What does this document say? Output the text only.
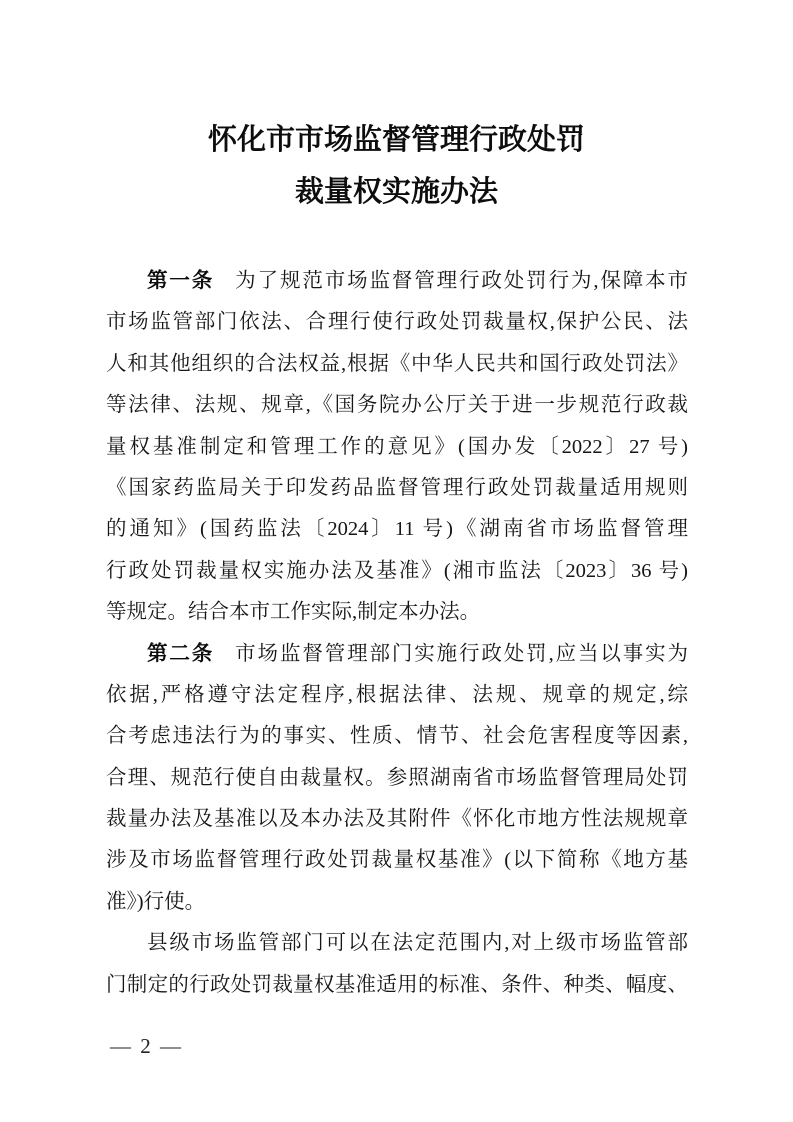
怀化市市场监督管理行政处罚
裁量权实施办法
第一条 为了规范市场监督管理行政处罚行为,保障本市
市场监管部门依法、合理行使行政处罚裁量权,保护公民、法
人和其他组织的合法权益,根据《中华人民共和国行政处罚法》
等法律、法规、规章,《国务院办公厅关于进一步规范行政裁
量权基准制定和管理工作的意见》(国办发〔2022〕27 号)
《国家药监局关于印发药品监督管理行政处罚裁量适用规则
的通知》(国药监法〔2024〕11 号)《湖南省市场监督管理
行政处罚裁量权实施办法及基准》(湘市监法〔2023〕36 号)
等规定。结合本市工作实际,制定本办法。
第二条 市场监督管理部门实施行政处罚,应当以事实为
依据,严格遵守法定程序,根据法律、法规、规章的规定,综
合考虑违法行为的事实、性质、情节、社会危害程度等因素,
合理、规范行使自由裁量权。参照湖南省市场监督管理局处罚
裁量办法及基准以及本办法及其附件《怀化市地方性法规规章
涉及市场监督管理行政处罚裁量权基准》(以下简称《地方基
准》)行使。
县级市场监管部门可以在法定范围内,对上级市场监管部
门制定的行政处罚裁量权基准适用的标准、条件、种类、幅度、
— 2 —
